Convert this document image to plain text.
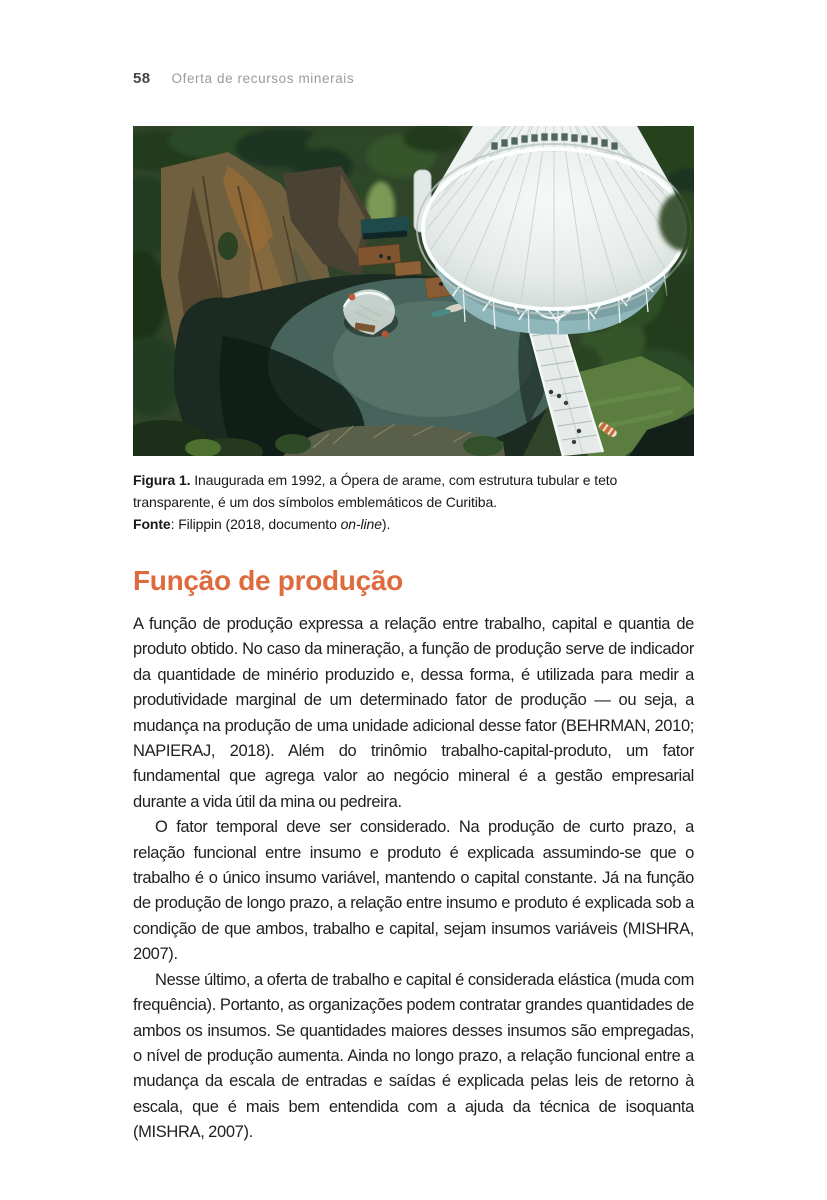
58 Oferta de recursos minerais

Figura 1. Inaugurada em 1992, a Ópera de arame, com estrutura tubular e teto transparente, é um dos símbolos emblemáticos de Curitiba.

Fonte: Filippin (2018, documento on-line).

Função de produção

A função de produção expressa a relação entre trabalho, capital e quantia de produto obtido. No caso da mineração, a função de produção serve de indicador da quantidade de minério produzido e, dessa forma, é utilizada para medir a produtividade marginal de um determinado fator de produção — ou seja, a mudança na produção de uma unidade adicional desse fator (BEHRMAN, 2010; NAPIERAJ, 2018). Além do trinômio trabalho-capital-produto, um fator fundamental que agrega valor ao negócio mineral é a gestão empresarial durante a vida útil da mina ou pedreira.

O fator temporal deve ser considerado. Na produção de curto prazo, a relação funcional entre insumo e produto é explicada assumindo-se que o trabalho é o único insumo variável, mantendo o capital constante. Já na função de produção de longo prazo, a relação entre insumo e produto é explicada sob a condição de que ambos, trabalho e capital, sejam insumos variáveis (MISHRA, 2007).

Nesse último, a oferta de trabalho e capital é considerada elástica (muda com frequência). Portanto, as organizações podem contratar grandes quantidades de ambos os insumos. Se quantidades maiores desses insumos são empregadas, o nível de produção aumenta. Ainda no longo prazo, a relação funcional entre a mudança da escala de entradas e saídas é explicada pelas leis de retorno à escala, que é mais bem entendida com a ajuda da técnica de isoquanta (MISHRA, 2007).
